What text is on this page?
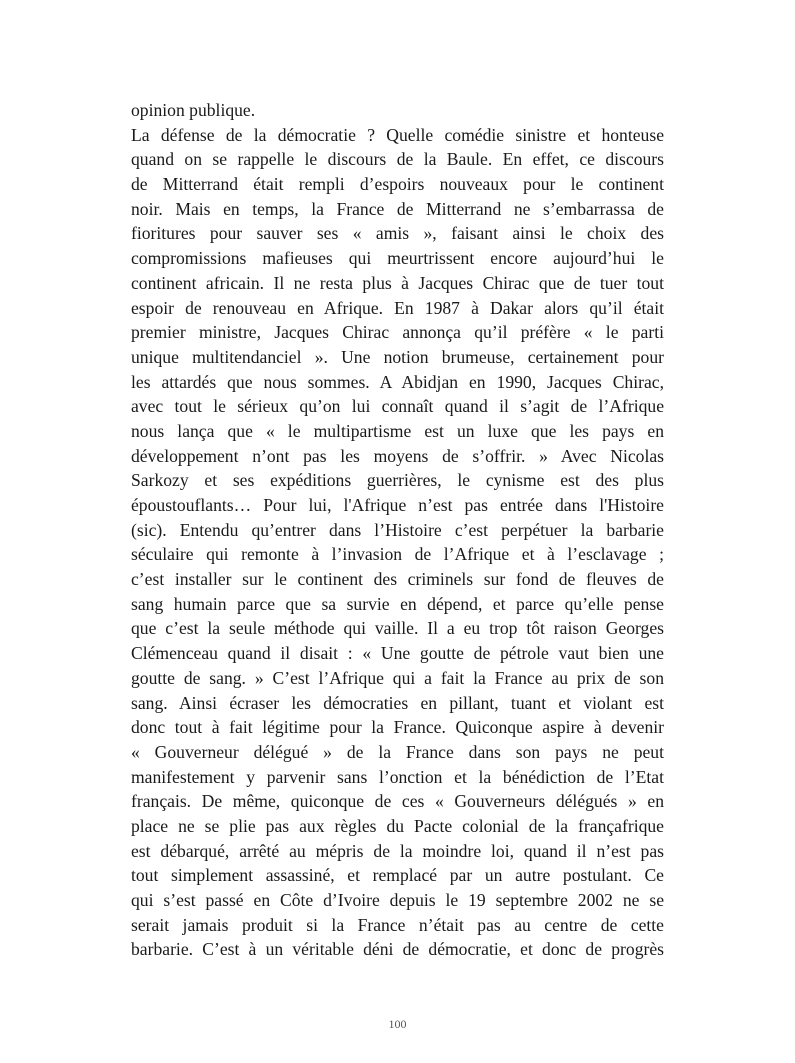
opinion publique.
La défense de la démocratie ? Quelle comédie sinistre et honteuse
quand on se rappelle le discours de la Baule. En effet, ce discours
de Mitterrand était rempli d’espoirs nouveaux pour le continent
noir. Mais en temps, la France de Mitterrand ne s’embarrassa de
fioritures pour sauver ses « amis », faisant ainsi le choix des
compromissions mafieuses qui meurtrissent encore aujourd’hui le
continent africain. Il ne resta plus à Jacques Chirac que de tuer tout
espoir de renouveau en Afrique. En 1987 à Dakar alors qu’il était
premier ministre, Jacques Chirac annonça qu’il préfère « le parti
unique multitendanciel ». Une notion brumeuse, certainement pour
les attardés que nous sommes. A Abidjan en 1990, Jacques Chirac,
avec tout le sérieux qu’on lui connaît quand il s’agit de l’Afrique
nous lança que « le multipartisme est un luxe que les pays en
développement n’ont pas les moyens de s’offrir. » Avec Nicolas
Sarkozy et ses expéditions guerrières, le cynisme est des plus
époustouflants… Pour lui, l'Afrique n’est pas entrée dans l'Histoire
(sic). Entendu qu’entrer dans l’Histoire c’est perpétuer la barbarie
séculaire qui remonte à l’invasion de l’Afrique et à l’esclavage ;
c’est installer sur le continent des criminels sur fond de fleuves de
sang humain parce que sa survie en dépend, et parce qu’elle pense
que c’est la seule méthode qui vaille. Il a eu trop tôt raison Georges
Clémenceau quand il disait : « Une goutte de pétrole vaut bien une
goutte de sang. » C’est l’Afrique qui a fait la France au prix de son
sang. Ainsi écraser les démocraties en pillant, tuant et violant est
donc tout à fait légitime pour la France. Quiconque aspire à devenir
« Gouverneur délégué » de la France dans son pays ne peut
manifestement y parvenir sans l’onction et la bénédiction de l’Etat
français. De même, quiconque de ces « Gouverneurs délégués » en
place ne se plie pas aux règles du Pacte colonial de la françafrique
est débarqué, arrêté au mépris de la moindre loi, quand il n’est pas
tout simplement assassiné, et remplacé par un autre postulant. Ce
qui s’est passé en Côte d’Ivoire depuis le 19 septembre 2002 ne se
serait jamais produit si la France n’était pas au centre de cette
barbarie. C’est à un véritable déni de démocratie, et donc de progrès
100
